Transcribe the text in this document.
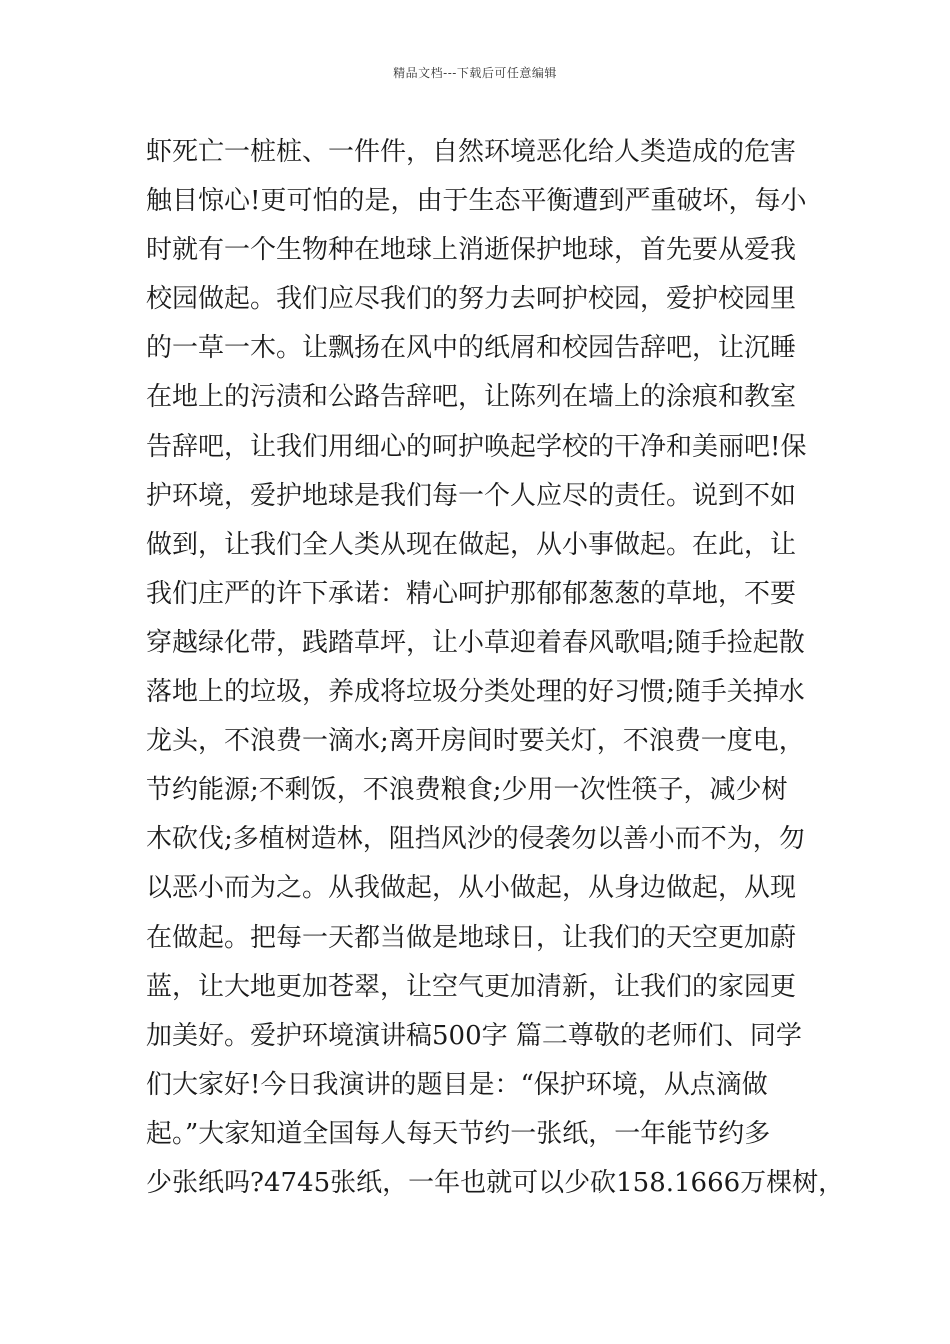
精品文档---下载后可任意编辑
虾死亡一桩桩、一件件，自然环境恶化给人类造成的危害
触目惊心!更可怕的是，由于生态平衡遭到严重破坏，每小
时就有一个生物种在地球上消逝保护地球，首先要从爱我
校园做起。我们应尽我们的努力去呵护校园，爱护校园里
的一草一木。让飘扬在风中的纸屑和校园告辞吧，让沉睡
在地上的污渍和公路告辞吧，让陈列在墙上的涂痕和教室
告辞吧，让我们用细心的呵护唤起学校的干净和美丽吧!保
护环境，爱护地球是我们每一个人应尽的责任。说到不如
做到，让我们全人类从现在做起，从小事做起。在此，让
我们庄严的许下承诺：精心呵护那郁郁葱葱的草地，不要
穿越绿化带，践踏草坪，让小草迎着春风歌唱;随手捡起散
落地上的垃圾，养成将垃圾分类处理的好习惯;随手关掉水
龙头，不浪费一滴水;离开房间时要关灯，不浪费一度电，
节约能源;不剩饭，不浪费粮食;少用一次性筷子，减少树
木砍伐;多植树造林，阻挡风沙的侵袭勿以善小而不为，勿
以恶小而为之。从我做起，从小做起，从身边做起，从现
在做起。把每一天都当做是地球日，让我们的天空更加蔚
蓝，让大地更加苍翠，让空气更加清新，让我们的家园更
加美好。爱护环境演讲稿500字 篇二尊敬的老师们、同学
们大家好!今日我演讲的题目是：“保护环境，从点滴做
起。”大家知道全国每人每天节约一张纸，一年能节约多
少张纸吗?4745张纸，一年也就可以少砍158.1666万棵树，
